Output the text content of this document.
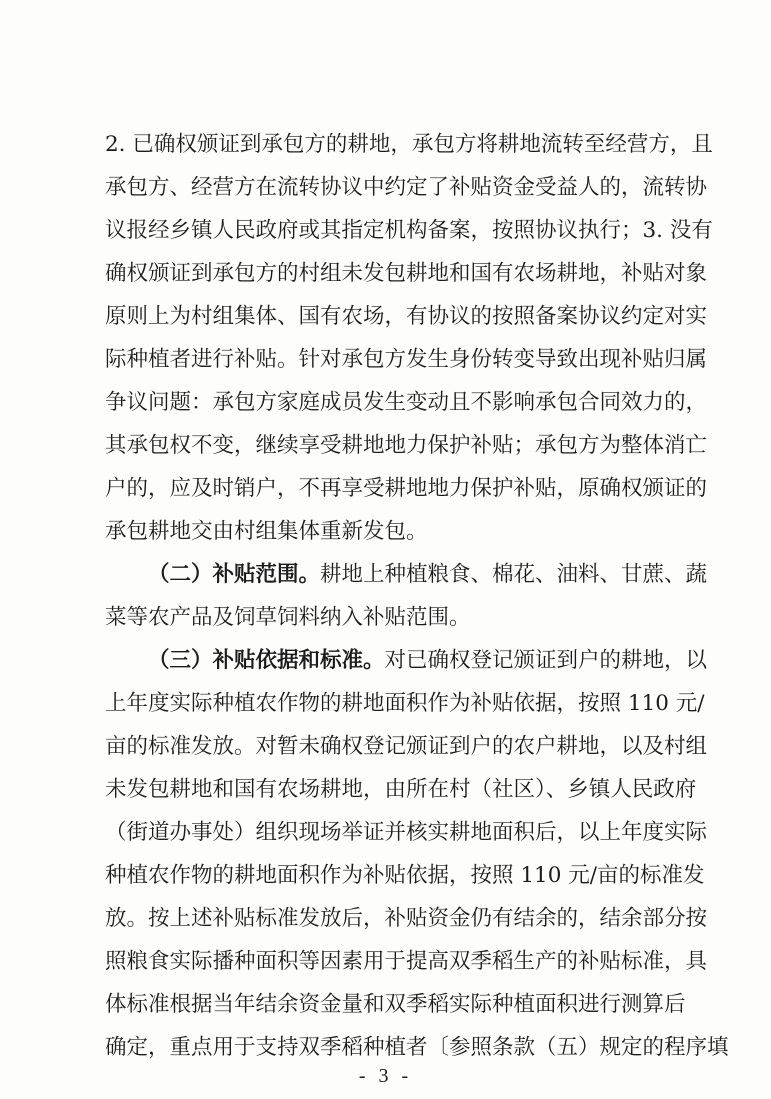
2. 已确权颁证到承包方的耕地，承包方将耕地流转至经营方，且
承包方、经营方在流转协议中约定了补贴资金受益人的，流转协
议报经乡镇人民政府或其指定机构备案，按照协议执行；3. 没有
确权颁证到承包方的村组未发包耕地和国有农场耕地，补贴对象
原则上为村组集体、国有农场，有协议的按照备案协议约定对实
际种植者进行补贴。针对承包方发生身份转变导致出现补贴归属
争议问题：承包方家庭成员发生变动且不影响承包合同效力的，
其承包权不变，继续享受耕地地力保护补贴；承包方为整体消亡
户的，应及时销户，不再享受耕地地力保护补贴，原确权颁证的
承包耕地交由村组集体重新发包。
（二）补贴范围。耕地上种植粮食、棉花、油料、甘蔗、蔬
菜等农产品及饲草饲料纳入补贴范围。
（三）补贴依据和标准。对已确权登记颁证到户的耕地，以
上年度实际种植农作物的耕地面积作为补贴依据，按照 110 元/
亩的标准发放。对暂未确权登记颁证到户的农户耕地，以及村组
未发包耕地和国有农场耕地，由所在村（社区）、乡镇人民政府
（街道办事处）组织现场举证并核实耕地面积后，以上年度实际
种植农作物的耕地面积作为补贴依据，按照 110 元/亩的标准发
放。按上述补贴标准发放后，补贴资金仍有结余的，结余部分按
照粮食实际播种面积等因素用于提高双季稻生产的补贴标准，具
体标准根据当年结余资金量和双季稻实际种植面积进行测算后
确定，重点用于支持双季稻种植者〔参照条款（五）规定的程序填
- 3 -
